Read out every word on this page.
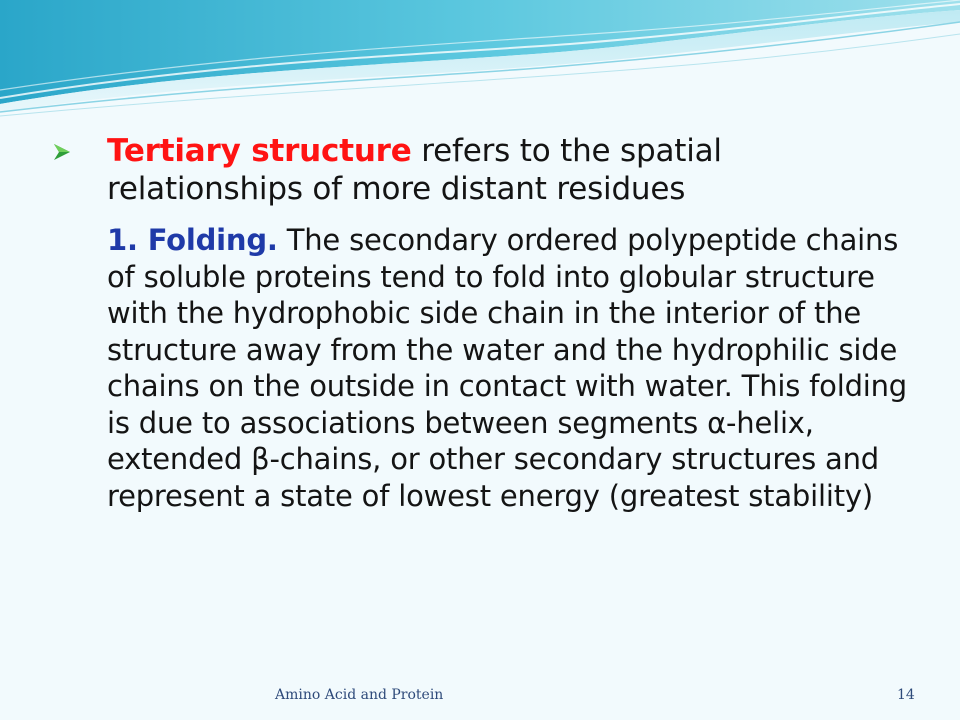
Tertiary structure refers to the spatial relationships of more distant residues

1. Folding. The secondary ordered polypeptide chains of soluble proteins tend to fold into globular structure with the hydrophobic side chain in the interior of the structure away from the water and the hydrophilic side chains on the outside in contact with water. This folding is due to associations between segments α-helix, extended β-chains, or other secondary structures and represent a state of lowest energy (greatest stability)

Amino Acid and Protein	14
